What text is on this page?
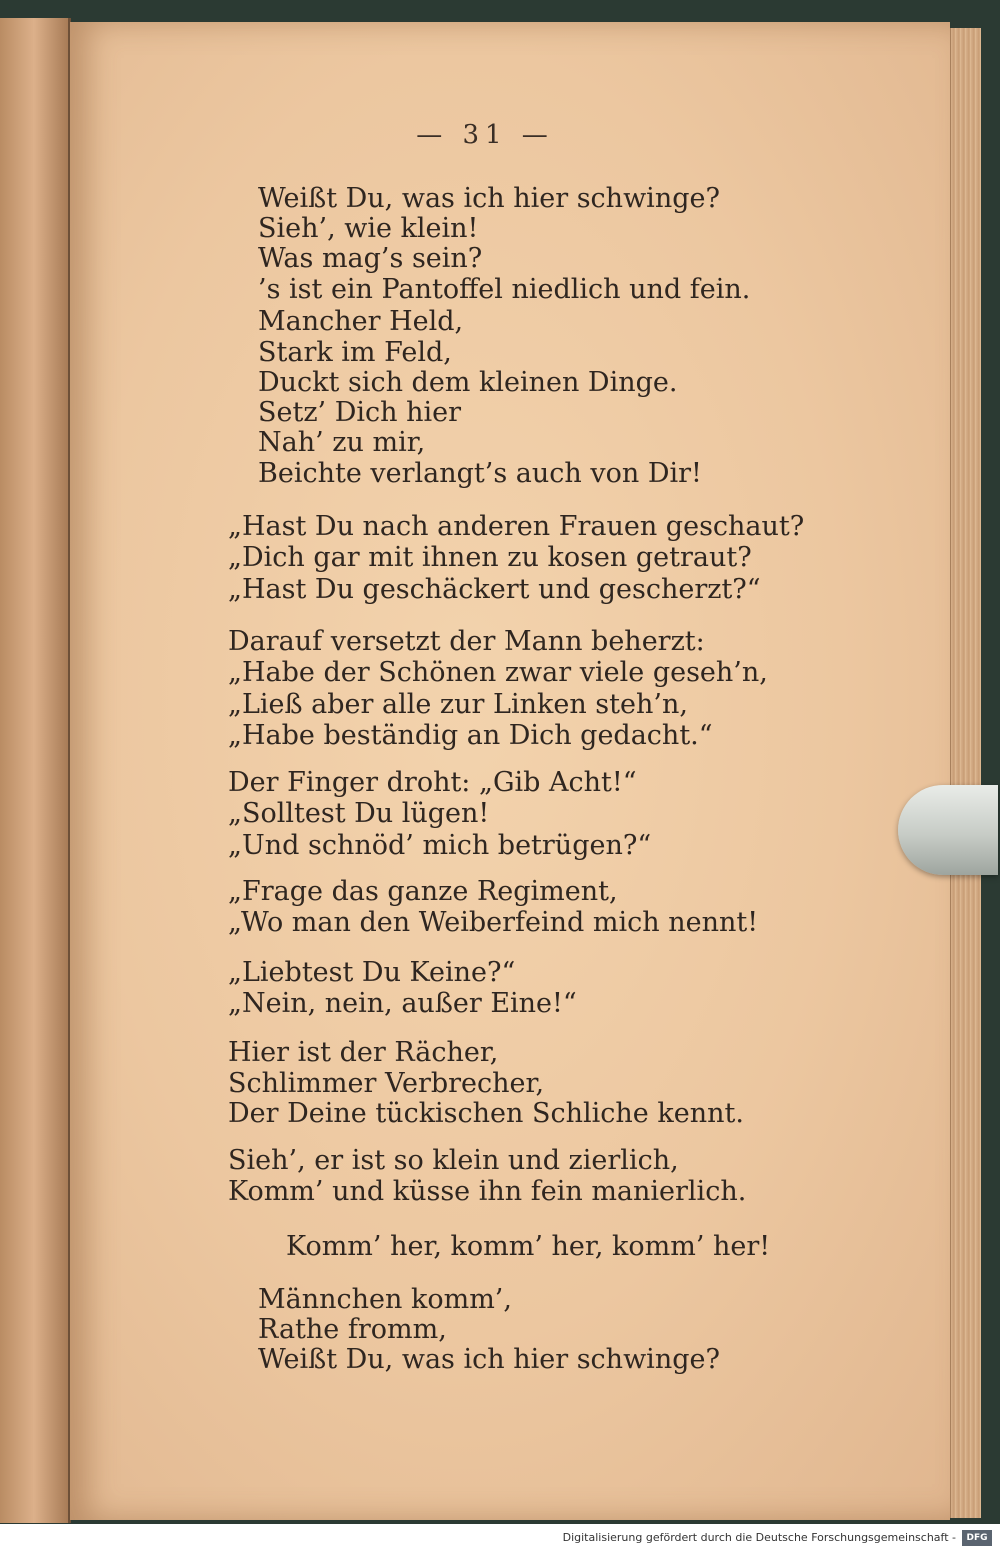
— 31 —
Weißt Du, was ich hier schwinge?
Sieh’, wie klein!
Was mag’s sein?
’s ist ein Pantoffel niedlich und fein.
Mancher Held,
Stark im Feld,
Duckt sich dem kleinen Dinge.
Setz’ Dich hier
Nah’ zu mir,
Beichte verlangt’s auch von Dir!
„Hast Du nach anderen Frauen geschaut?
„Dich gar mit ihnen zu kosen getraut?
„Hast Du geschäckert und gescherzt?“
Darauf versetzt der Mann beherzt:
„Habe der Schönen zwar viele geseh’n,
„Ließ aber alle zur Linken steh’n,
„Habe beständig an Dich gedacht.“
Der Finger droht: „Gib Acht!“
„Solltest Du lügen!
„Und schnöd’ mich betrügen?“
„Frage das ganze Regiment,
„Wo man den Weiberfeind mich nennt!
„Liebtest Du Keine?“
„Nein, nein, außer Eine!“
Hier ist der Rächer,
Schlimmer Verbrecher,
Der Deine tückischen Schliche kennt.
Sieh’, er ist so klein und zierlich,
Komm’ und küsse ihn fein manierlich.
Komm’ her, komm’ her, komm’ her!
Männchen komm’,
Rathe fromm,
Weißt Du, was ich hier schwinge?
Digitalisierung gefördert durch die Deutsche Forschungsgemeinschaft -	DFG
